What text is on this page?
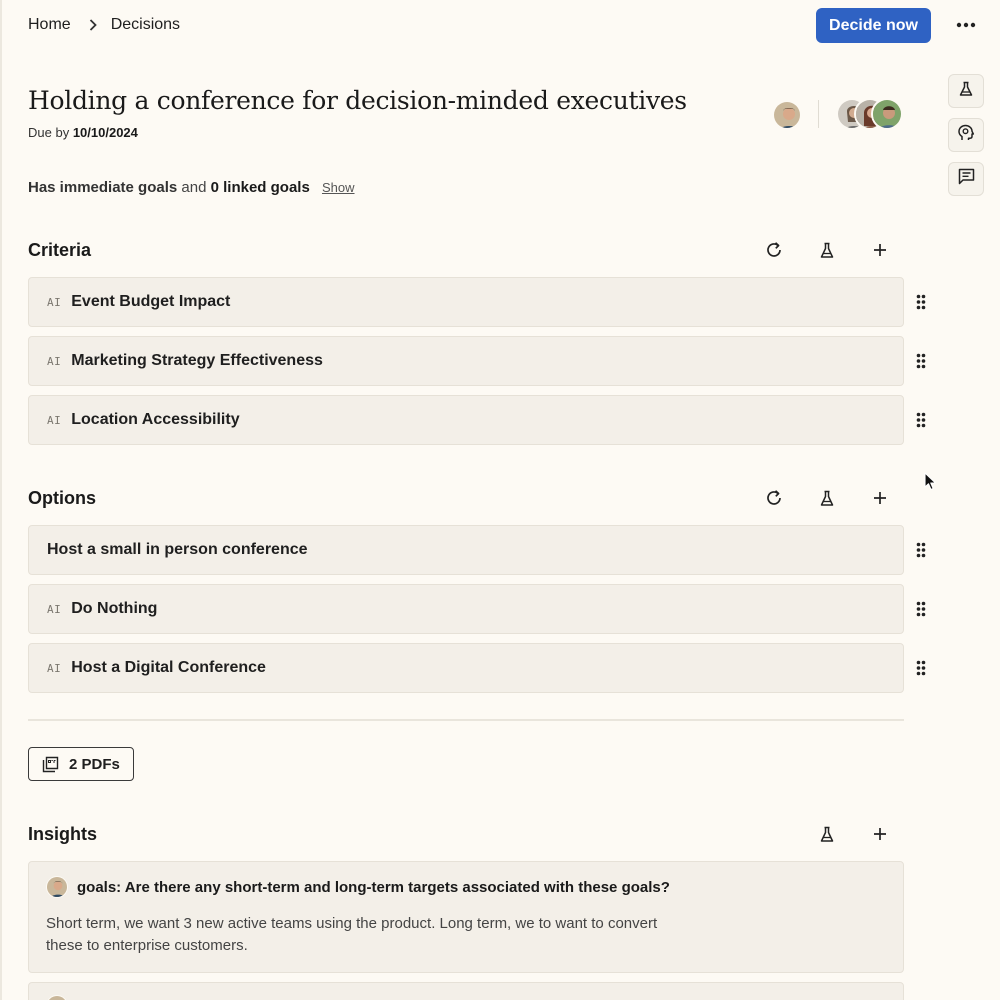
Home	Decisions	Decide now
Holding a conference for decision-minded executives
Due by 10/10/2024
Has immediate goals and 0 linked goals Show
Criteria
AI Event Budget Impact
AI Marketing Strategy Effectiveness
AI Location Accessibility
Options
Host a small in person conference
AI Do Nothing
AI Host a Digital Conference
2 PDFs
Insights
goals: Are there any short-term and long-term targets associated with these goals?
Short term, we want 3 new active teams using the product. Long term, we to want to convert these to enterprise customers.
